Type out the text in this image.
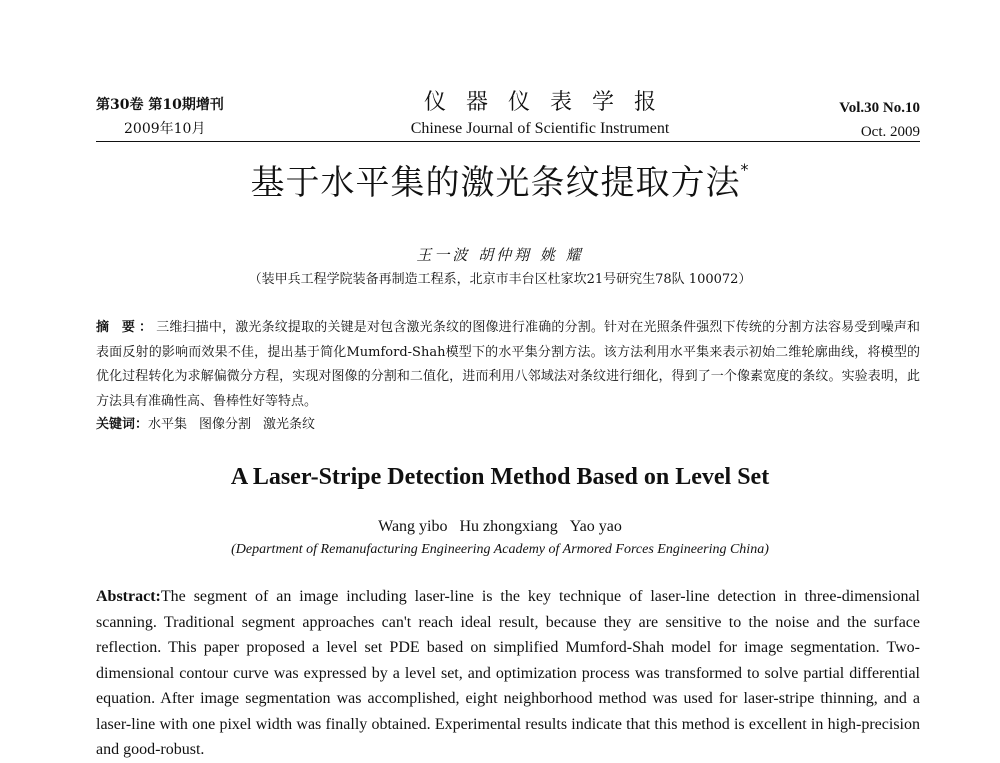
第30卷 第10期增刊
2009年10月
仪器仪表学报
Chinese Journal of Scientific Instrument
Vol.30 No.10
Oct. 2009
基于水平集的激光条纹提取方法*
王一波 胡仲翔 姚 耀
（装甲兵工程学院装备再制造工程系，北京市丰台区杜家坎21号研究生78队 100072）
摘 要：三维扫描中，激光条纹提取的关键是对包含激光条纹的图像进行准确的分割。针对在光照条件强烈下传统的分割方法容易受到噪声和表面反射的影响而效果不佳，提出基于简化Mumford-Shah模型下的水平集分割方法。该方法利用水平集来表示初始二维轮廓曲线，将模型的优化过程转化为求解偏微分方程，实现对图像的分割和二值化，进而利用八邻域法对条纹进行细化，得到了一个像素宽度的条纹。实验表明，此方法具有准确性高、鲁棒性好等特点。
关键词：水平集 图像分割 激光条纹
A Laser-Stripe Detection Method Based on Level Set
Wang yibo Hu zhongxiang Yao yao
(Department of Remanufacturing Engineering Academy of Armored Forces Engineering China)
Abstract:The segment of an image including laser-line is the key technique of laser-line detection in three-dimensional scanning. Traditional segment approaches can't reach ideal result, because they are sensitive to the noise and the surface reflection. This paper proposed a level set PDE based on simplified Mumford-Shah model for image segmentation. Two-dimensional contour curve was expressed by a level set, and optimization process was transformed to solve partial differential equation. After image segmentation was accomplished, eight neighborhood method was used for laser-stripe thinning, and a laser-line with one pixel width was finally obtained. Experimental results indicate that this method is excellent in high-precision and good-robust.
